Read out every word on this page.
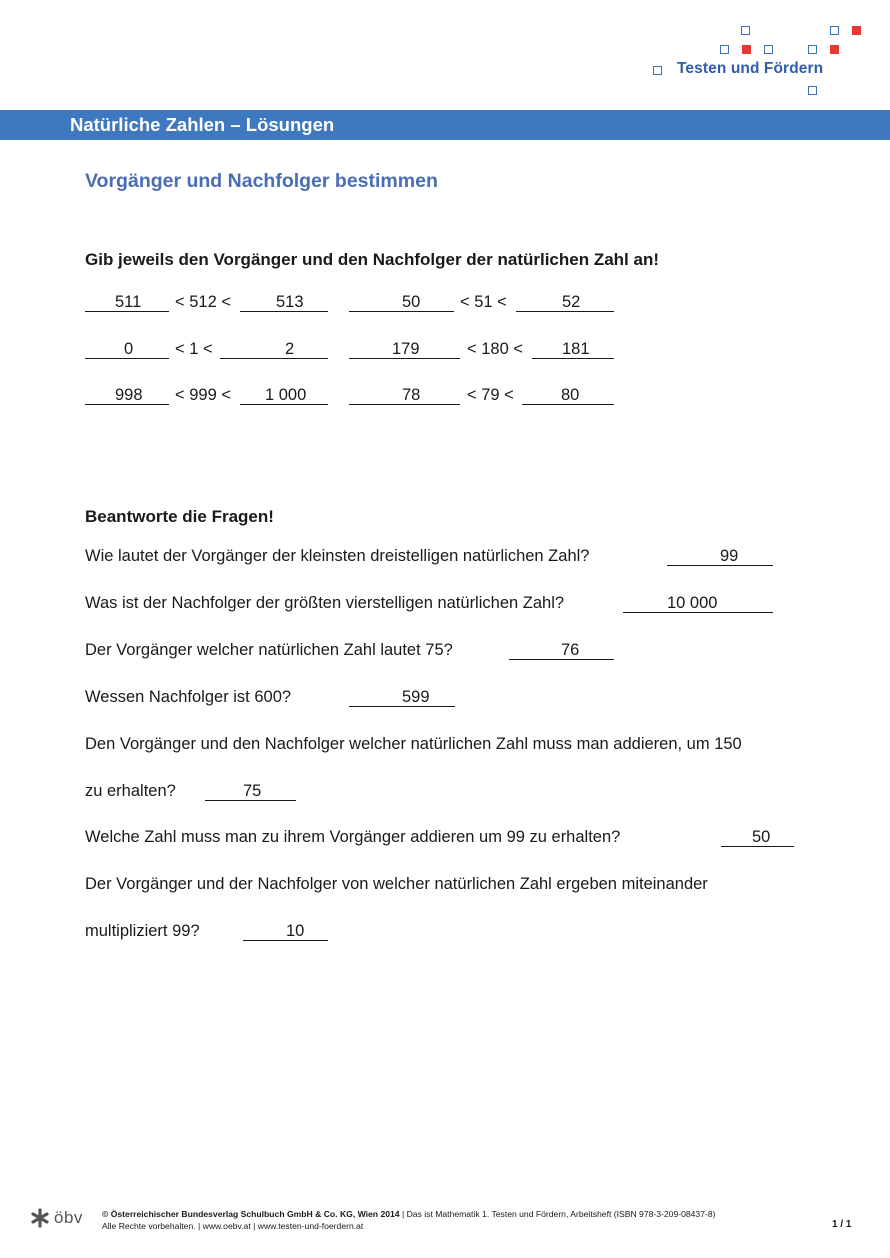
Testen und Fördern
Natürliche Zahlen – Lösungen
Vorgänger und Nachfolger bestimmen
Gib jeweils den Vorgänger und den Nachfolger der natürlichen Zahl an!
511	< 512 <	513	50	< 51 <	52
0	< 1 <	2	179	< 180 <	181
998	< 999 <	1 000	78	< 79 <	80
Beantworte die Fragen!
Wie lautet der Vorgänger der kleinsten dreistelligen natürlichen Zahl?	99
Was ist der Nachfolger der größten vierstelligen natürlichen Zahl?	10 000
Der Vorgänger welcher natürlichen Zahl lautet 75?	76
Wessen Nachfolger ist 600?	599
Den Vorgänger und den Nachfolger welcher natürlichen Zahl muss man addieren, um 150
zu erhalten?	75
Welche Zahl muss man zu ihrem Vorgänger addieren um 99 zu erhalten?	50
Der Vorgänger und der Nachfolger von welcher natürlichen Zahl ergeben miteinander
multipliziert 99?	10
öbv © Österreichischer Bundesverlag Schulbuch GmbH & Co. KG, Wien 2014 | Das ist Mathematik 1. Testen und Fördern, Arbeitsheft (ISBN 978-3-209-08437-8)
Alle Rechte vorbehalten. | www.oebv.at | www.testen-und-foerdern.at	1 / 1
